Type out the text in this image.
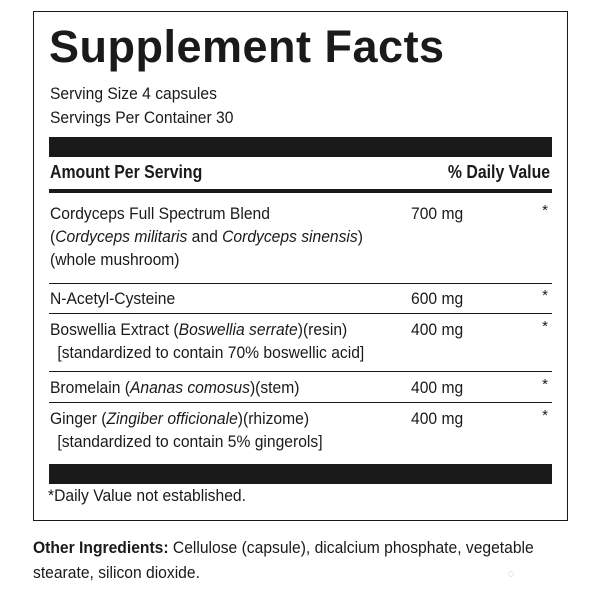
Supplement Facts
Serving Size 4 capsules
Servings Per Container 30
Amount Per Serving	% Daily Value
Cordyceps Full Spectrum Blend
(Cordyceps militaris and Cordyceps sinensis)
(whole mushroom)
700 mg	*
N-Acetyl-Cysteine	600 mg	*
Boswellia Extract (Boswellia serrate)(resin)
[standardized to contain 70% boswellic acid]
400 mg	*
Bromelain (Ananas comosus)(stem)	400 mg	*
Ginger (Zingiber officionale)(rhizome)
[standardized to contain 5% gingerols]
400 mg	*
*Daily Value not established.
Other Ingredients: Cellulose (capsule), dicalcium phosphate, vegetable stearate, silicon dioxide.
